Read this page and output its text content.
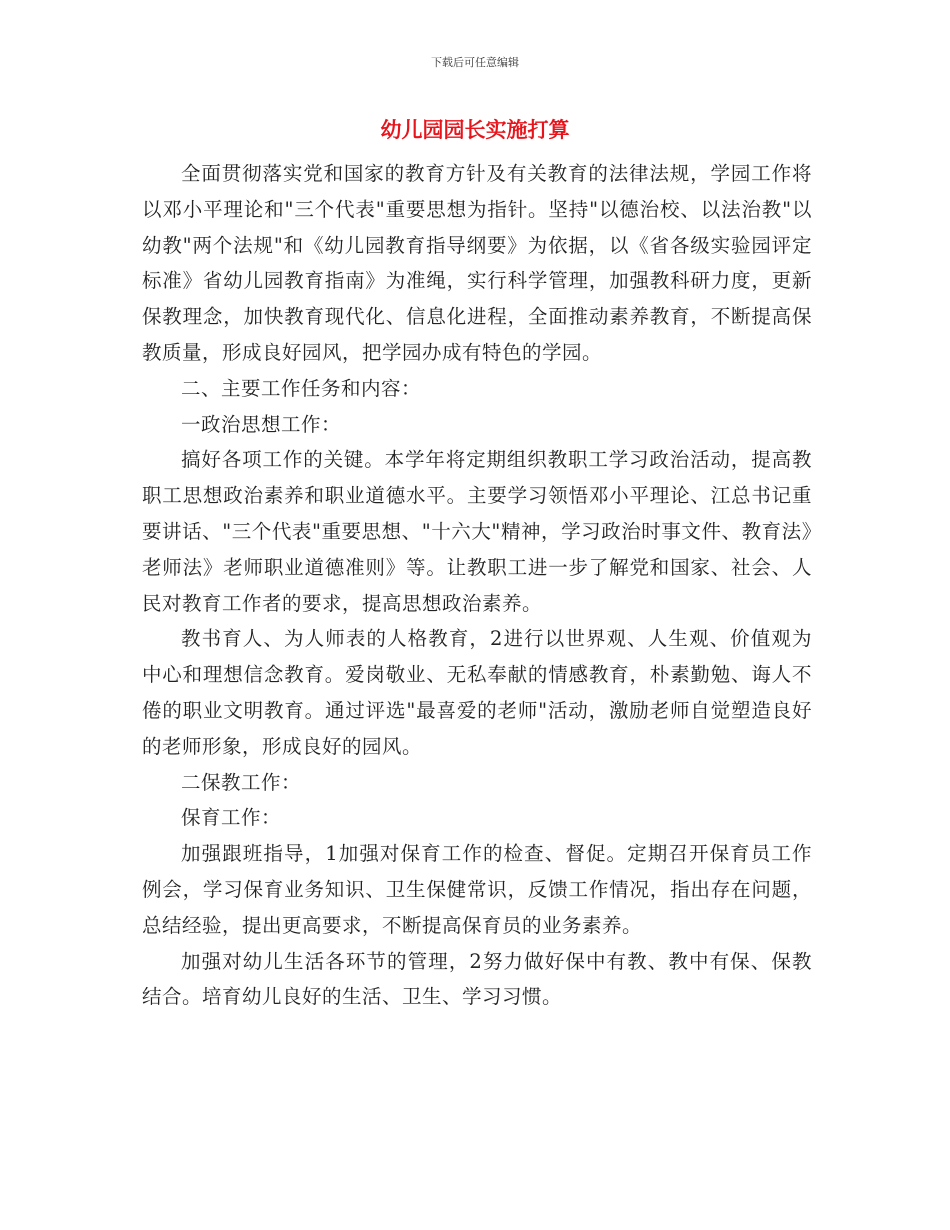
下载后可任意编辑
幼儿园园长实施打算

全面贯彻落实党和国家的教育方针及有关教育的法律法规，学园工作将以邓小平理论和"三个代表"重要思想为指针。坚持"以德治校、以法治教"以幼教"两个法规"和《幼儿园教育指导纲要》为依据，以《省各级实验园评定标准》省幼儿园教育指南》为准绳，实行科学管理，加强教科研力度，更新保教理念，加快教育现代化、信息化进程，全面推动素养教育，不断提高保教质量，形成良好园风，把学园办成有特色的学园。

二、主要工作任务和内容：

一政治思想工作：

搞好各项工作的关键。本学年将定期组织教职工学习政治活动，提高教职工思想政治素养和职业道德水平。主要学习领悟邓小平理论、江总书记重要讲话、"三个代表"重要思想、"十六大"精神，学习政治时事文件、教育法》老师法》老师职业道德准则》等。让教职工进一步了解党和国家、社会、人民对教育工作者的要求，提高思想政治素养。

教书育人、为人师表的人格教育，2进行以世界观、人生观、价值观为中心和理想信念教育。爱岗敬业、无私奉献的情感教育，朴素勤勉、诲人不倦的职业文明教育。通过评选"最喜爱的老师"活动，激励老师自觉塑造良好的老师形象，形成良好的园风。

二保教工作：

保育工作：

加强跟班指导，1加强对保育工作的检查、督促。定期召开保育员工作例会，学习保育业务知识、卫生保健常识，反馈工作情况，指出存在问题，总结经验，提出更高要求，不断提高保育员的业务素养。

加强对幼儿生活各环节的管理，2努力做好保中有教、教中有保、保教结合。培育幼儿良好的生活、卫生、学习习惯。
